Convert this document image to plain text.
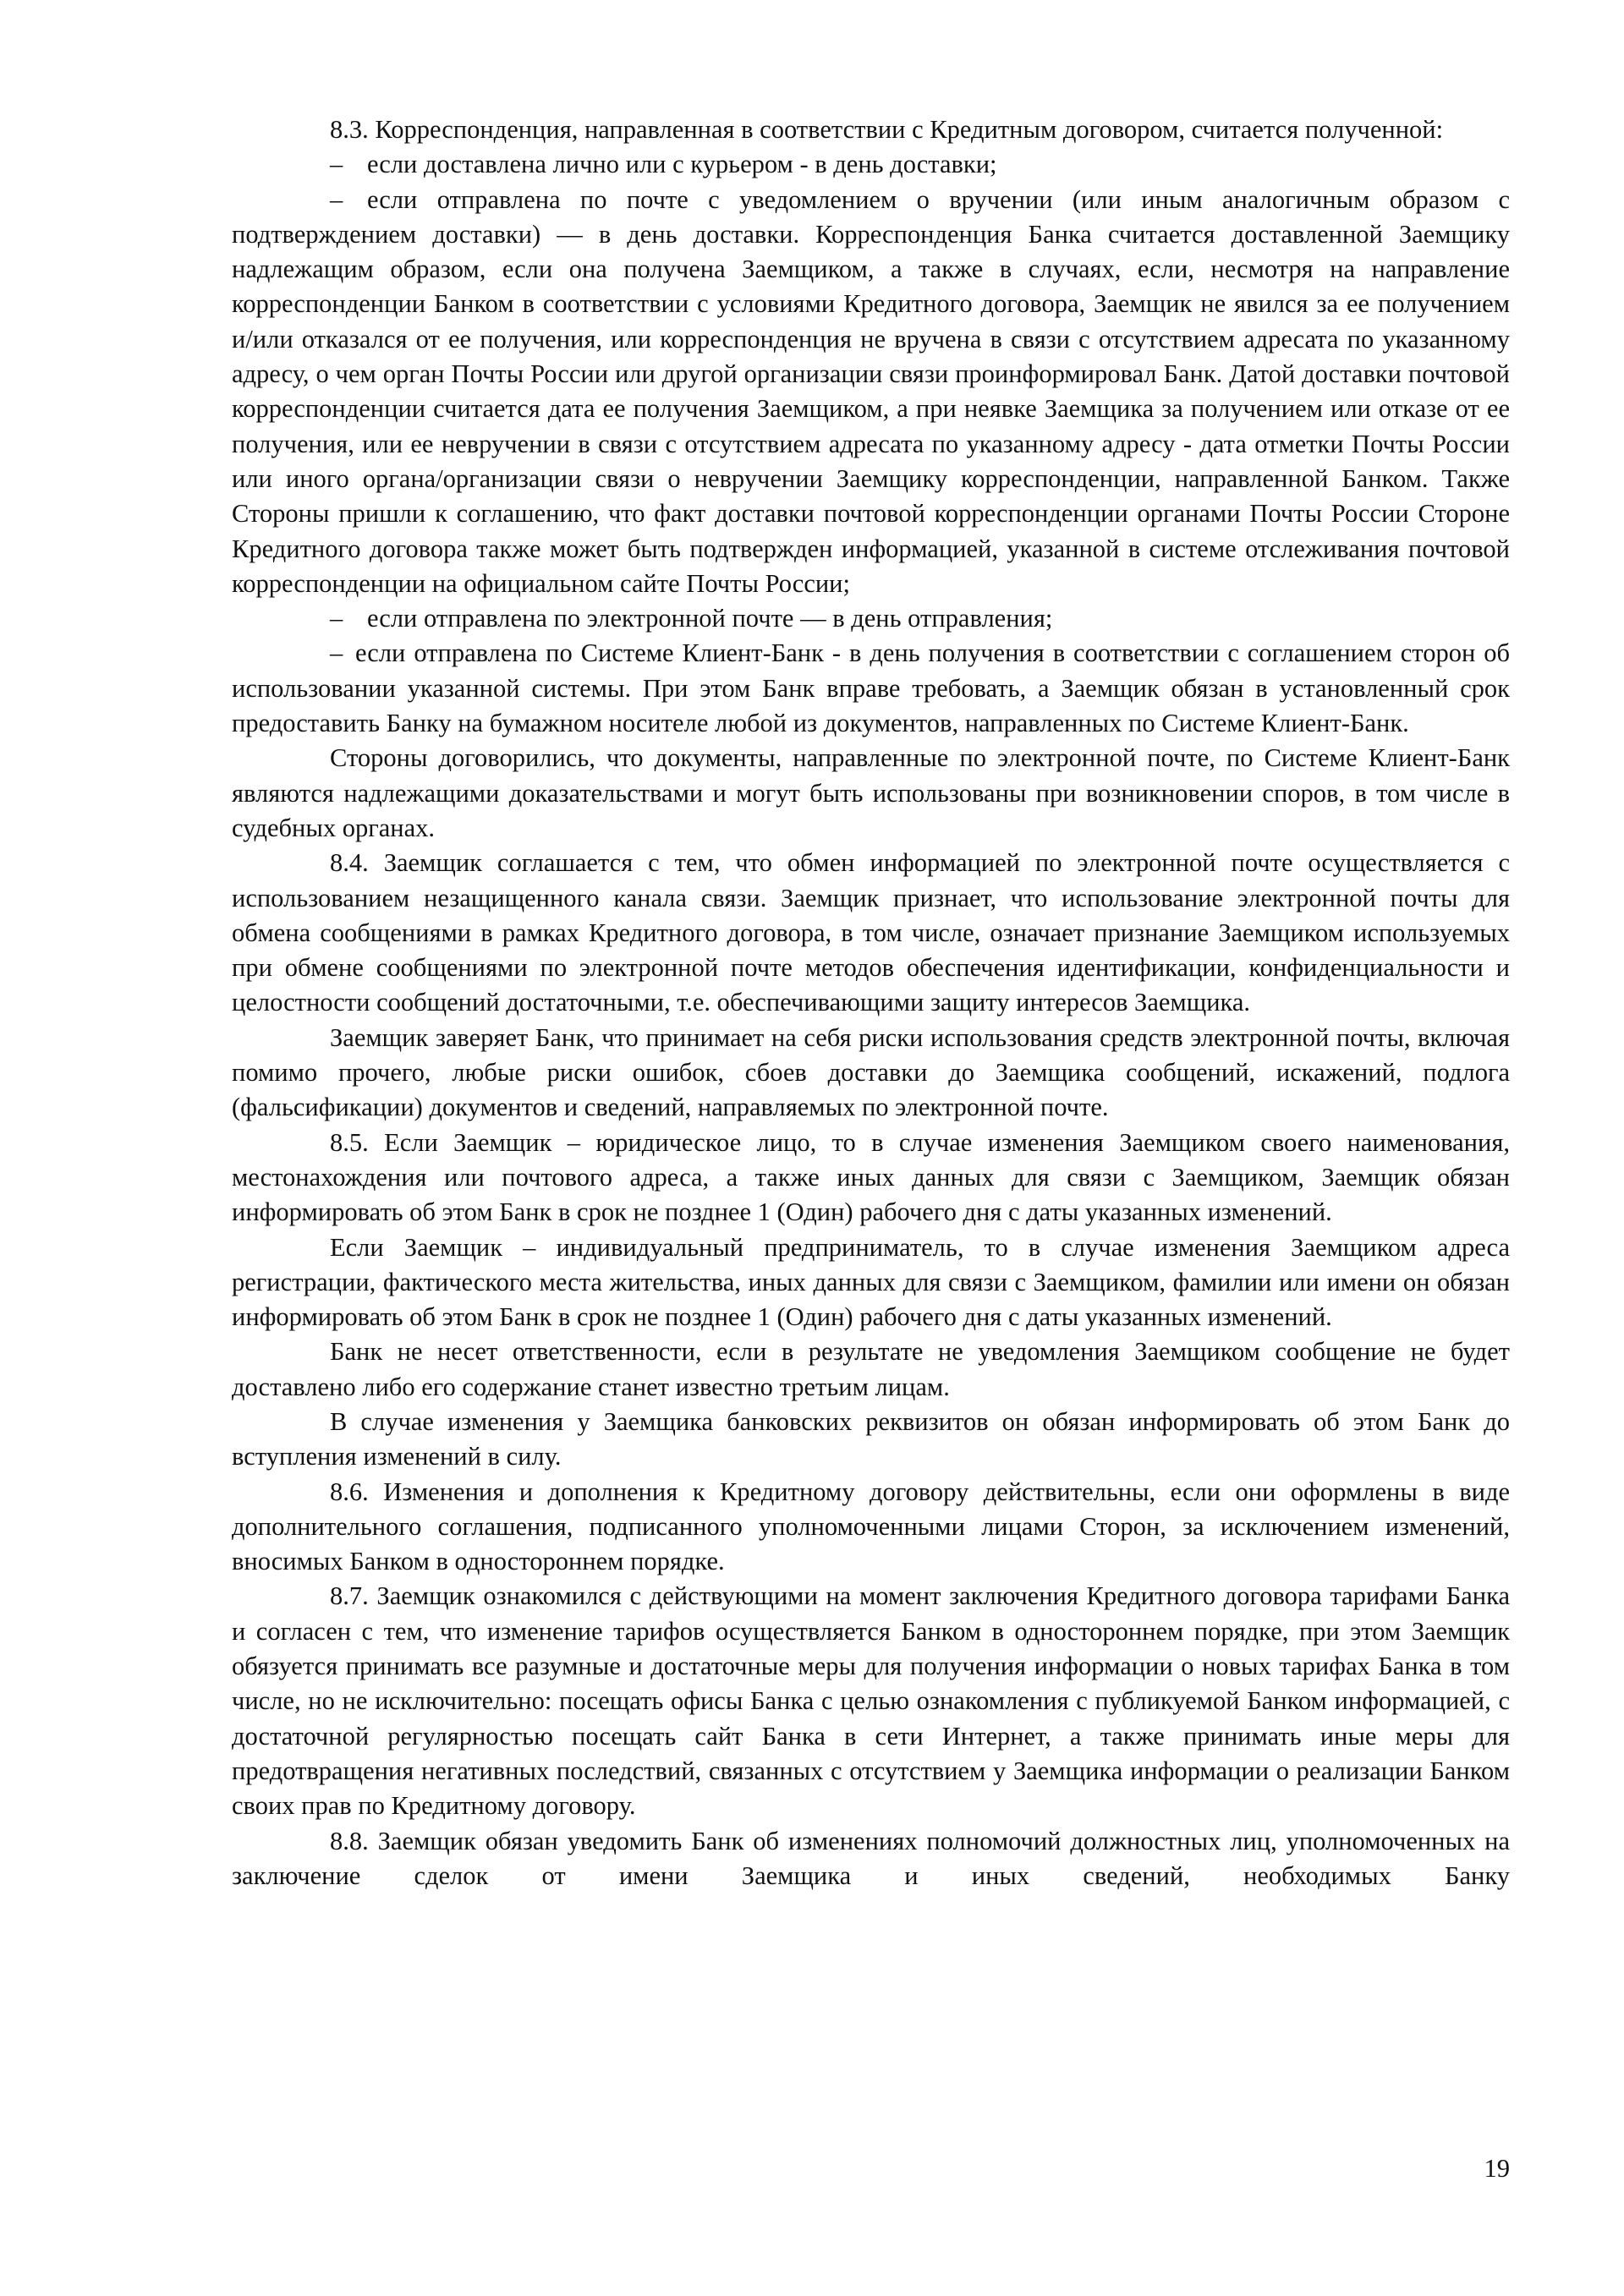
8.3. Корреспонденция, направленная в соответствии с Кредитным договором, считается полученной:

– если доставлена лично или с курьером - в день доставки;

– если отправлена по почте с уведомлением о вручении (или иным аналогичным образом с подтверждением доставки) — в день доставки. Корреспонденция Банка считается доставленной Заемщику надлежащим образом, если она получена Заемщиком, а также в случаях, если, несмотря на направление корреспонденции Банком в соответствии с условиями Кредитного договора, Заемщик не явился за ее получением и/или отказался от ее получения, или корреспонденция не вручена в связи с отсутствием адресата по указанному адресу, о чем орган Почты России или другой организации связи проинформировал Банк. Датой доставки почтовой корреспонденции считается дата ее получения Заемщиком, а при неявке Заемщика за получением или отказе от ее получения, или ее невручении в связи с отсутствием адресата по указанному адресу - дата отметки Почты России или иного органа/организации связи о невручении Заемщику корреспонденции, направленной Банком. Также Стороны пришли к соглашению, что факт доставки почтовой корреспонденции органами Почты России Стороне Кредитного договора также может быть подтвержден информацией, указанной в системе отслеживания почтовой корреспонденции на официальном сайте Почты России;

– если отправлена по электронной почте — в день отправления;

– если отправлена по Системе Клиент-Банк - в день получения в соответствии с соглашением сторон об использовании указанной системы. При этом Банк вправе требовать, а Заемщик обязан в установленный срок предоставить Банку на бумажном носителе любой из документов, направленных по Системе Клиент-Банк.

Стороны договорились, что документы, направленные по электронной почте, по Системе Клиент-Банк являются надлежащими доказательствами и могут быть использованы при возникновении споров, в том числе в судебных органах.

8.4. Заемщик соглашается с тем, что обмен информацией по электронной почте осуществляется с использованием незащищенного канала связи. Заемщик признает, что использование электронной почты для обмена сообщениями в рамках Кредитного договора, в том числе, означает признание Заемщиком используемых при обмене сообщениями по электронной почте методов обеспечения идентификации, конфиденциальности и целостности сообщений достаточными, т.е. обеспечивающими защиту интересов Заемщика.

Заемщик заверяет Банк, что принимает на себя риски использования средств электронной почты, включая помимо прочего, любые риски ошибок, сбоев доставки до Заемщика сообщений, искажений, подлога (фальсификации) документов и сведений, направляемых по электронной почте.

8.5. Если Заемщик – юридическое лицо, то в случае изменения Заемщиком своего наименования, местонахождения или почтового адреса, а также иных данных для связи с Заемщиком, Заемщик обязан информировать об этом Банк в срок не позднее 1 (Один) рабочего дня с даты указанных изменений.

Если Заемщик – индивидуальный предприниматель, то в случае изменения Заемщиком адреса регистрации, фактического места жительства, иных данных для связи с Заемщиком, фамилии или имени он обязан информировать об этом Банк в срок не позднее 1 (Один) рабочего дня с даты указанных изменений.

Банк не несет ответственности, если в результате не уведомления Заемщиком сообщение не будет доставлено либо его содержание станет известно третьим лицам.

В случае изменения у Заемщика банковских реквизитов он обязан информировать об этом Банк до вступления изменений в силу.

8.6. Изменения и дополнения к Кредитному договору действительны, если они оформлены в виде дополнительного соглашения, подписанного уполномоченными лицами Сторон, за исключением изменений, вносимых Банком в одностороннем порядке.

8.7. Заемщик ознакомился с действующими на момент заключения Кредитного договора тарифами Банка и согласен с тем, что изменение тарифов осуществляется Банком в одностороннем порядке, при этом Заемщик обязуется принимать все разумные и достаточные меры для получения информации о новых тарифах Банка в том числе, но не исключительно: посещать офисы Банка с целью ознакомления с публикуемой Банком информацией, с достаточной регулярностью посещать сайт Банка в сети Интернет, а также принимать иные меры для предотвращения негативных последствий, связанных с отсутствием у Заемщика информации о реализации Банком своих прав по Кредитному договору.

8.8. Заемщик обязан уведомить Банк об изменениях полномочий должностных лиц, уполномоченных на заключение сделок от имени Заемщика и иных сведений, необходимых Банку

19
